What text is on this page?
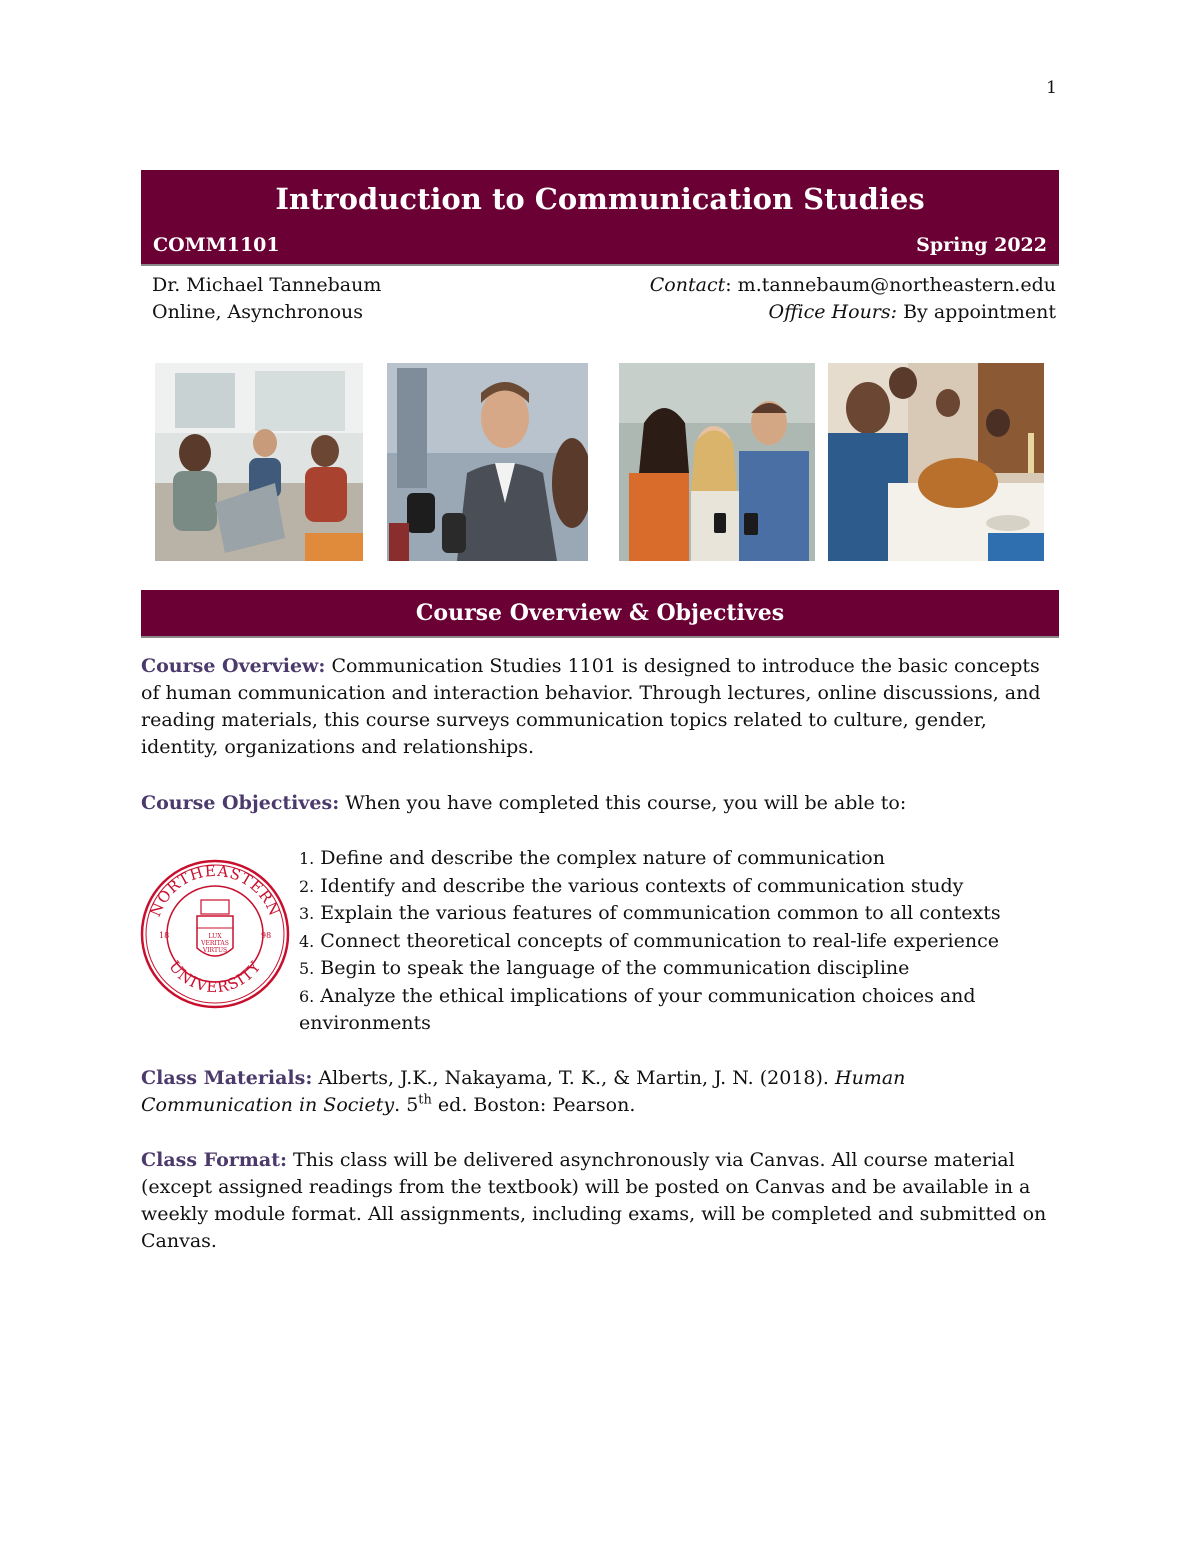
1
Introduction to Communication Studies
COMM1101	Spring 2022
Dr. Michael Tannebaum
Online, Asynchronous
Contact: m.tannebaum@northeastern.edu
Office Hours: By appointment
Course Overview & Objectives
Course Overview: Communication Studies 1101 is designed to introduce the basic concepts of human communication and interaction behavior. Through lectures, online discussions, and reading materials, this course surveys communication topics related to culture, gender, identity, organizations and relationships.
Course Objectives: When you have completed this course, you will be able to:
NORTHEASTERN
UNIVERSITY
18	98
LUX
VERITAS
VIRTUS
1. Define and describe the complex nature of communication
2. Identify and describe the various contexts of communication study
3. Explain the various features of communication common to all contexts
4. Connect theoretical concepts of communication to real-life experience
5. Begin to speak the language of the communication discipline
6. Analyze the ethical implications of your communication choices and environments
Class Materials: Alberts, J.K., Nakayama, T. K., & Martin, J. N. (2018). Human Communication in Society. 5th ed. Boston: Pearson.
Class Format: This class will be delivered asynchronously via Canvas. All course material (except assigned readings from the textbook) will be posted on Canvas and be available in a weekly module format. All assignments, including exams, will be completed and submitted on Canvas.
